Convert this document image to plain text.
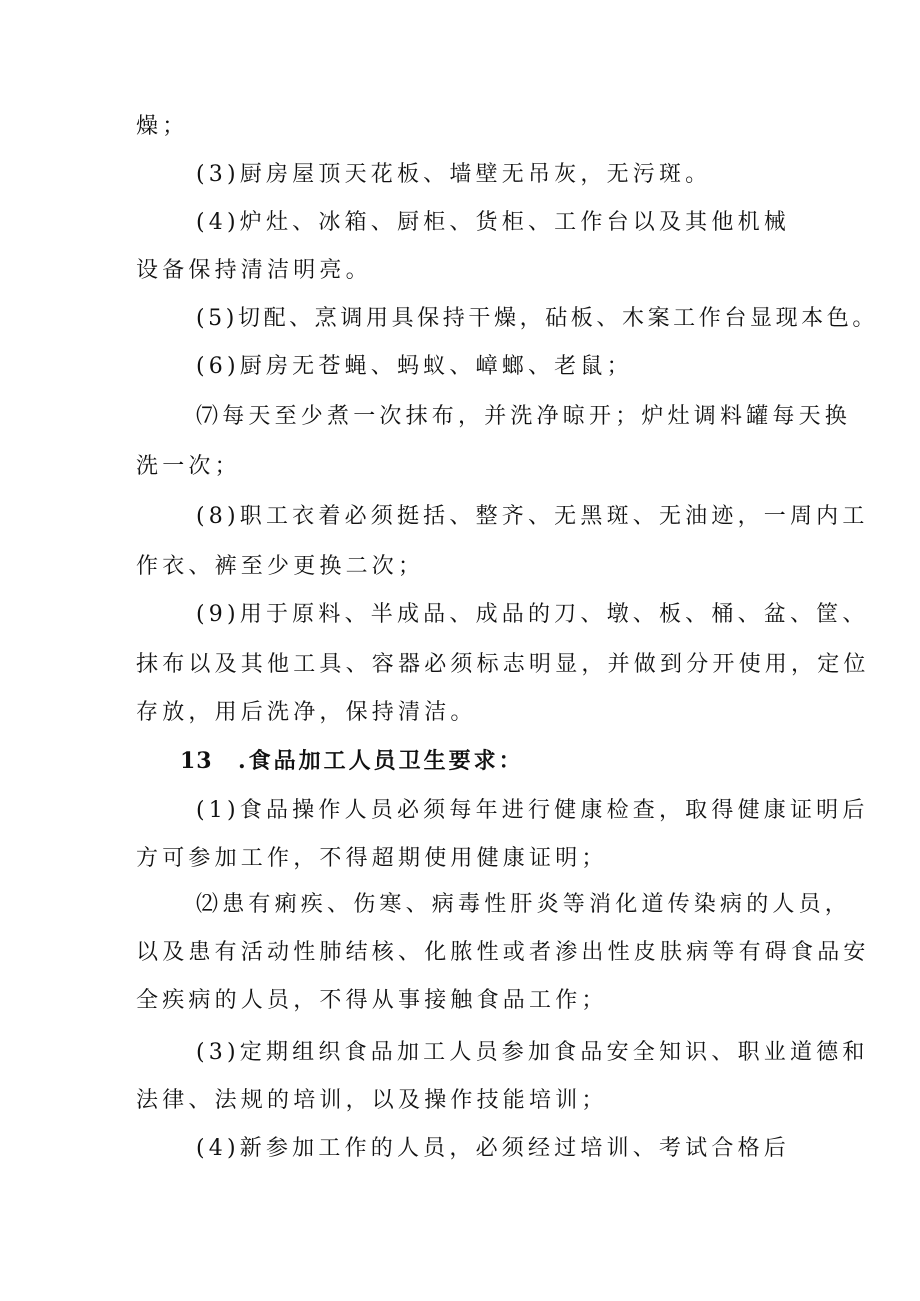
燥；
(3)厨房屋顶天花板、墙壁无吊灰，无污斑。
(4)炉灶、冰箱、厨柜、货柜、工作台以及其他机械
设备保持清洁明亮。
(5)切配、烹调用具保持干燥，砧板、木案工作台显现本色。
(6)厨房无苍蝇、蚂蚁、嶂螂、老鼠；
⑺每天至少煮一次抹布，并洗净晾开；炉灶调料罐每天换
洗一次；
(8)职工衣着必须挺括、整齐、无黑斑、无油迹，一周内工
作衣、裤至少更换二次；
(9)用于原料、半成品、成品的刀、墩、板、桶、盆、筐、
抹布以及其他工具、容器必须标志明显，并做到分开使用，定位
存放，用后洗净，保持清洁。
13 .食品加工人员卫生要求：
(1)食品操作人员必须每年进行健康检查，取得健康证明后
方可参加工作，不得超期使用健康证明；
⑵患有痢疾、伤寒、病毒性肝炎等消化道传染病的人员，
以及患有活动性肺结核、化脓性或者渗出性皮肤病等有碍食品安
全疾病的人员，不得从事接触食品工作；
(3)定期组织食品加工人员参加食品安全知识、职业道德和
法律、法规的培训，以及操作技能培训；
(4)新参加工作的人员，必须经过培训、考试合格后
